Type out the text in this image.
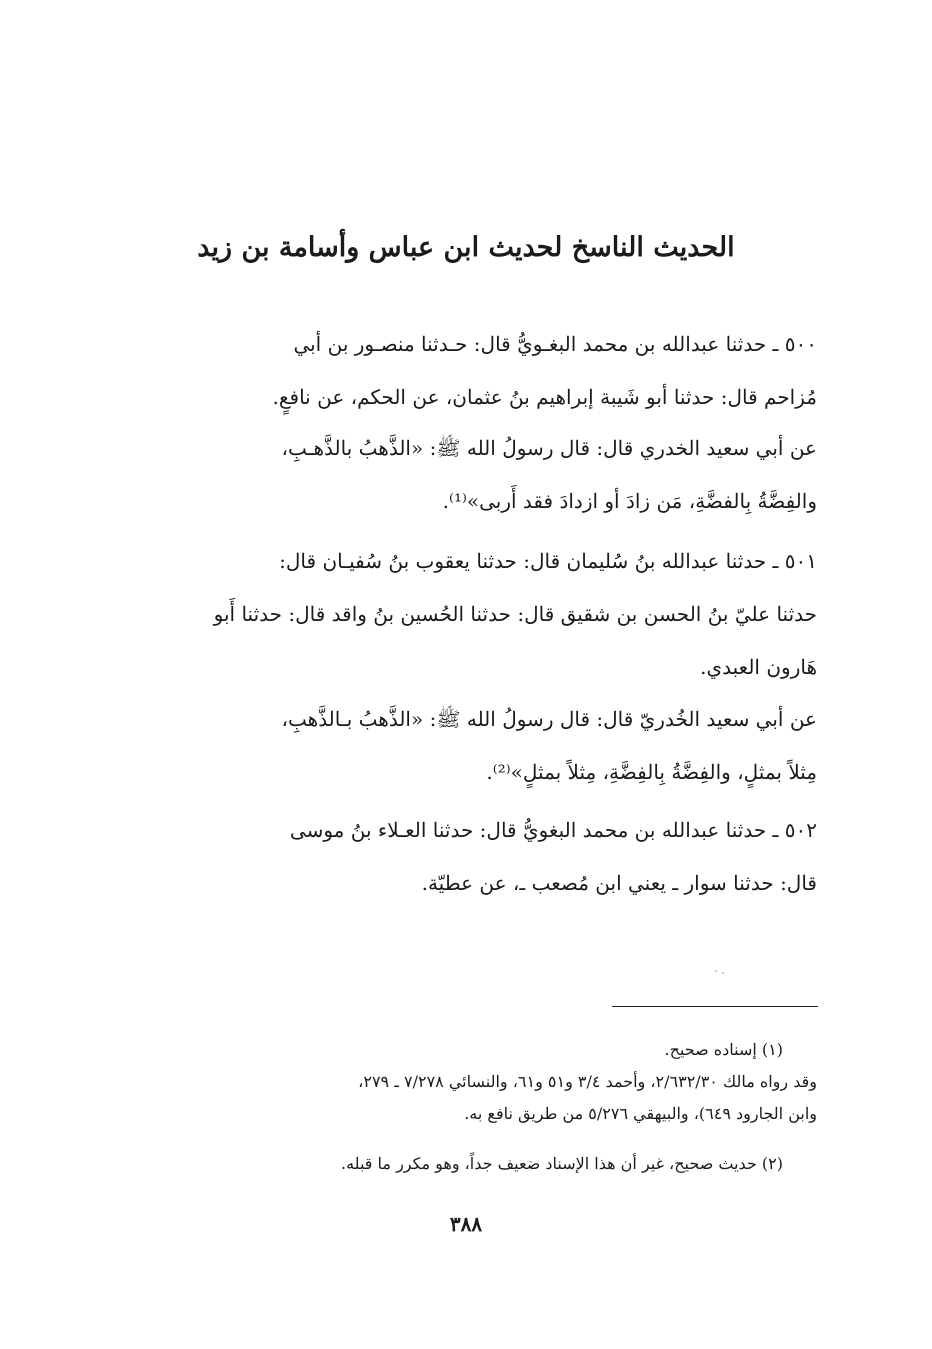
الحديث الناسخ لحديث ابن عباس وأسامة بن زيد
٥٠٠ ـ حدثنا عبدالله بن محمد البغـويُّ قال: حـدثنا منصـور بن أبي
مُزاحم قال: حدثنا أبو شَيبة إبراهيم بنُ عثمان، عن الحكم، عن نافعٍ.
عن أبي سعيد الخدري قال: قال رسولُ الله ﷺ: «الذَّهبُ بالذَّهـبِ،
والفِضَّةُ بِالفضَّةِ، مَن زادَ أو ازدادَ فقد أَربى»⁽¹⁾.
٥٠١ ـ حدثنا عبدالله بنُ سُليمان قال: حدثنا يعقوب بنُ سُفيـان قال:
حدثنا عليّ بنُ الحسن بن شقيق قال: حدثنا الحُسين بنُ واقد قال: حدثنا أَبو
هَارون العبدي.
عن أبي سعيد الخُدريّ قال: قال رسولُ الله ﷺ: «الذَّهبُ بـالذَّهبِ،
مِثلاً بمثلٍ، والفِضَّةُ بِالفِضَّةِ، مِثلاً بمثلٍ»⁽²⁾.
٥٠٢ ـ حدثنا عبدالله بن محمد البغويُّ قال: حدثنا العـلاء بنُ موسى
قال: حدثنا سوار ـ يعني ابن مُصعب ـ، عن عطيّة.
(١) إسناده صحيح.
وقد رواه مالك ٢/٦٣٢/٣٠، وأحمد ٣/٤ و٥١ و٦١، والنسائي ٧/٢٧٨ ـ ٢٧٩،
وابن الجارود ٦٤٩)، والبيهقي ٥/٢٧٦ من طريق نافع به.
(٢) حديث صحيح، غير أن هذا الإسناد ضعيف جداً، وهو مكرر ما قبله.
٣٨٨
